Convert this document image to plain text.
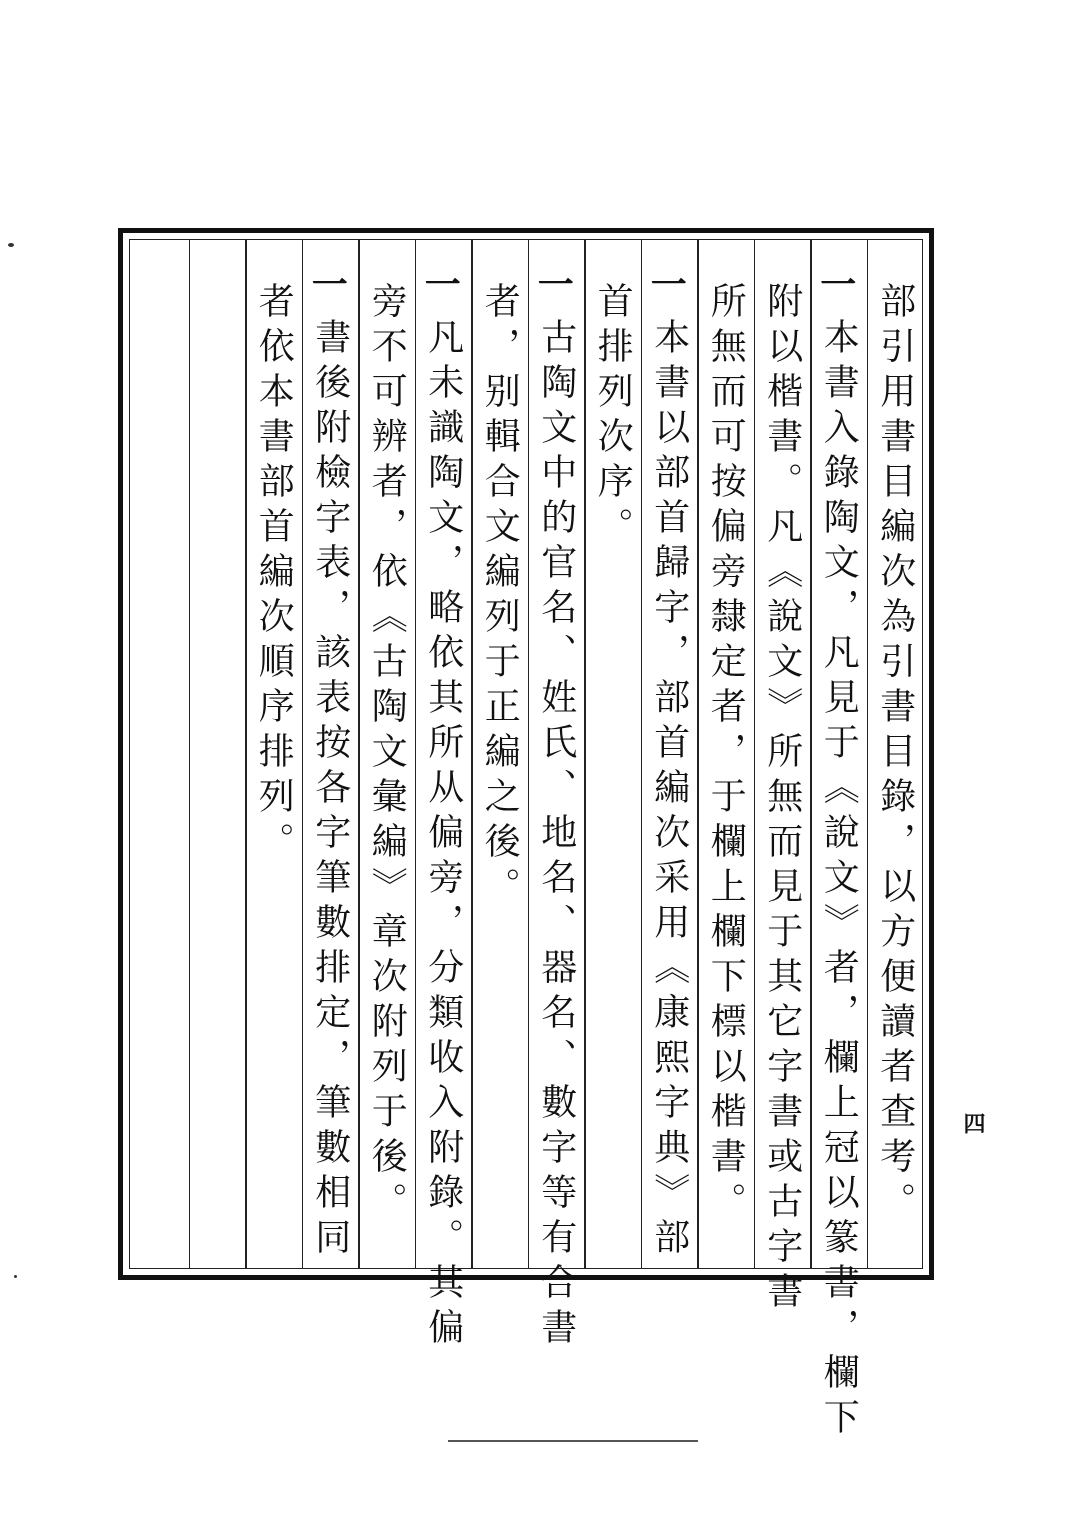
部引用書目編次為引書目錄，以方便讀者查考。
一
本書入錄陶文，凡見于《說文》者，欄上冠以篆書，欄下
附以楷書。凡《說文》所無而見于其它字書或古字書
所無而可按偏旁隸定者，于欄上欄下標以楷書。
一
本書以部首歸字，部首編次采用《康熙字典》部
首排列次序。
一
古陶文中的官名、姓氏、地名、器名、數字等有合書
者，别輯合文編列于正編之後。
一
凡未識陶文，略依其所从偏旁，分類收入附錄。其偏
旁不可辨者，依《古陶文彙編》章次附列于後。
一
書後附檢字表，該表按各字筆數排定，筆數相同
者依本書部首編次順序排列。
四
